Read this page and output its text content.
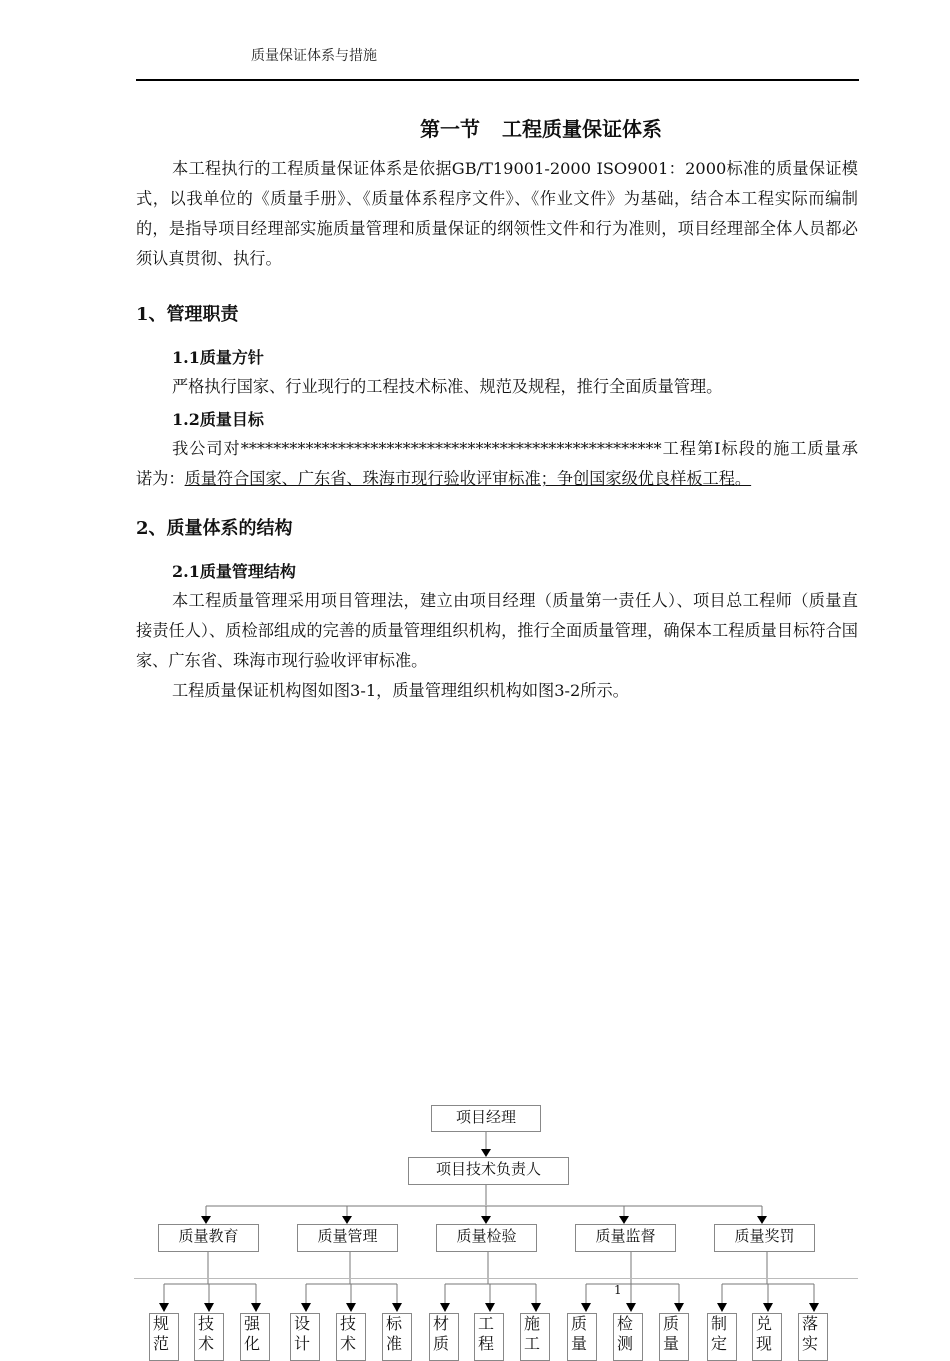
质量保证体系与措施
第一节 工程质量保证体系
本工程执行的工程质量保证体系是依据GB/T19001-2000 ISO9001：2000标准的质量保证模式，以我单位的《质量手册》、《质量体系程序文件》、《作业文件》为基础，结合本工程实际而编制的，是指导项目经理部实施质量管理和质量保证的纲领性文件和行为准则，项目经理部全体人员都必须认真贯彻、执行。
1、管理职责
1.1质量方针
严格执行国家、行业现行的工程技术标准、规范及规程，推行全面质量管理。
1.2质量目标
我公司对****************************************************工程第Ⅰ标段的施工质量承诺为：质量符合国家、广东省、珠海市现行验收评审标准；争创国家级优良样板工程。
2、质量体系的结构
2.1质量管理结构
本工程质量管理采用项目管理法，建立由项目经理（质量第一责任人）、项目总工程师（质量直接责任人）、质检部组成的完善的质量管理组织机构，推行全面质量管理，确保本工程质量目标符合国家、广东省、珠海市现行验收评审标准。
工程质量保证机构图如图3-1，质量管理组织机构如图3-2所示。
1
项目经理
项目技术负责人
质量教育	质量管理	质量检验	质量监督	质量奖罚
规范
技术
强化
设计
技术
标准
材质
工程
施工
质量
检测
质量
制定
兑现
落实
